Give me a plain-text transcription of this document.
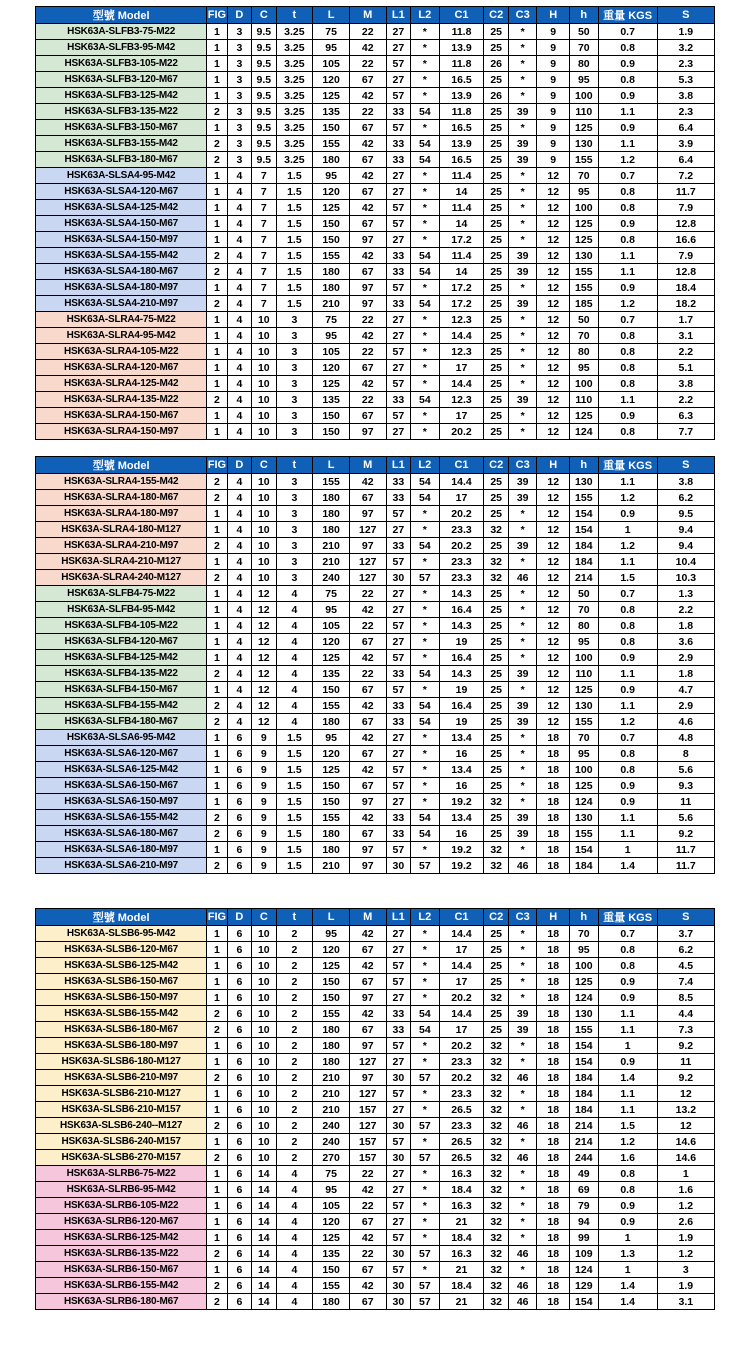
型號 Model	FIG	D	C	t	L	M	L1	L2	C1	C2	C3	H	h	重量 KGS	S
HSK63A-SLFB3-75-M22	1	3	9.5	3.25	75	22	27	*	11.8	25	*	9	50	0.7	1.9
HSK63A-SLFB3-95-M42	1	3	9.5	3.25	95	42	27	*	13.9	25	*	9	70	0.8	3.2
HSK63A-SLFB3-105-M22	1	3	9.5	3.25	105	22	57	*	11.8	26	*	9	80	0.9	2.3
HSK63A-SLFB3-120-M67	1	3	9.5	3.25	120	67	27	*	16.5	25	*	9	95	0.8	5.3
HSK63A-SLFB3-125-M42	1	3	9.5	3.25	125	42	57	*	13.9	26	*	9	100	0.9	3.8
HSK63A-SLFB3-135-M22	2	3	9.5	3.25	135	22	33	54	11.8	25	39	9	110	1.1	2.3
HSK63A-SLFB3-150-M67	1	3	9.5	3.25	150	67	57	*	16.5	25	*	9	125	0.9	6.4
HSK63A-SLFB3-155-M42	2	3	9.5	3.25	155	42	33	54	13.9	25	39	9	130	1.1	3.9
HSK63A-SLFB3-180-M67	2	3	9.5	3.25	180	67	33	54	16.5	25	39	9	155	1.2	6.4
HSK63A-SLSA4-95-M42	1	4	7	1.5	95	42	27	*	11.4	25	*	12	70	0.7	7.2
HSK63A-SLSA4-120-M67	1	4	7	1.5	120	67	27	*	14	25	*	12	95	0.8	11.7
HSK63A-SLSA4-125-M42	1	4	7	1.5	125	42	57	*	11.4	25	*	12	100	0.8	7.9
HSK63A-SLSA4-150-M67	1	4	7	1.5	150	67	57	*	14	25	*	12	125	0.9	12.8
HSK63A-SLSA4-150-M97	1	4	7	1.5	150	97	27	*	17.2	25	*	12	125	0.8	16.6
HSK63A-SLSA4-155-M42	2	4	7	1.5	155	42	33	54	11.4	25	39	12	130	1.1	7.9
HSK63A-SLSA4-180-M67	2	4	7	1.5	180	67	33	54	14	25	39	12	155	1.1	12.8
HSK63A-SLSA4-180-M97	1	4	7	1.5	180	97	57	*	17.2	25	*	12	155	0.9	18.4
HSK63A-SLSA4-210-M97	2	4	7	1.5	210	97	33	54	17.2	25	39	12	185	1.2	18.2
HSK63A-SLRA4-75-M22	1	4	10	3	75	22	27	*	12.3	25	*	12	50	0.7	1.7
HSK63A-SLRA4-95-M42	1	4	10	3	95	42	27	*	14.4	25	*	12	70	0.8	3.1
HSK63A-SLRA4-105-M22	1	4	10	3	105	22	57	*	12.3	25	*	12	80	0.8	2.2
HSK63A-SLRA4-120-M67	1	4	10	3	120	67	27	*	17	25	*	12	95	0.8	5.1
HSK63A-SLRA4-125-M42	1	4	10	3	125	42	57	*	14.4	25	*	12	100	0.8	3.8
HSK63A-SLRA4-135-M22	2	4	10	3	135	22	33	54	12.3	25	39	12	110	1.1	2.2
HSK63A-SLRA4-150-M67	1	4	10	3	150	67	57	*	17	25	*	12	125	0.9	6.3
HSK63A-SLRA4-150-M97	1	4	10	3	150	97	27	*	20.2	25	*	12	124	0.8	7.7
型號 Model	FIG	D	C	t	L	M	L1	L2	C1	C2	C3	H	h	重量 KGS	S
HSK63A-SLRA4-155-M42	2	4	10	3	155	42	33	54	14.4	25	39	12	130	1.1	3.8
HSK63A-SLRA4-180-M67	2	4	10	3	180	67	33	54	17	25	39	12	155	1.2	6.2
HSK63A-SLRA4-180-M97	1	4	10	3	180	97	57	*	20.2	25	*	12	154	0.9	9.5
HSK63A-SLRA4-180-M127	1	4	10	3	180	127	27	*	23.3	32	*	12	154	1	9.4
HSK63A-SLRA4-210-M97	2	4	10	3	210	97	33	54	20.2	25	39	12	184	1.2	9.4
HSK63A-SLRA4-210-M127	1	4	10	3	210	127	57	*	23.3	32	*	12	184	1.1	10.4
HSK63A-SLRA4-240-M127	2	4	10	3	240	127	30	57	23.3	32	46	12	214	1.5	10.3
HSK63A-SLFB4-75-M22	1	4	12	4	75	22	27	*	14.3	25	*	12	50	0.7	1.3
HSK63A-SLFB4-95-M42	1	4	12	4	95	42	27	*	16.4	25	*	12	70	0.8	2.2
HSK63A-SLFB4-105-M22	1	4	12	4	105	22	57	*	14.3	25	*	12	80	0.8	1.8
HSK63A-SLFB4-120-M67	1	4	12	4	120	67	27	*	19	25	*	12	95	0.8	3.6
HSK63A-SLFB4-125-M42	1	4	12	4	125	42	57	*	16.4	25	*	12	100	0.9	2.9
HSK63A-SLFB4-135-M22	2	4	12	4	135	22	33	54	14.3	25	39	12	110	1.1	1.8
HSK63A-SLFB4-150-M67	1	4	12	4	150	67	57	*	19	25	*	12	125	0.9	4.7
HSK63A-SLFB4-155-M42	2	4	12	4	155	42	33	54	16.4	25	39	12	130	1.1	2.9
HSK63A-SLFB4-180-M67	2	4	12	4	180	67	33	54	19	25	39	12	155	1.2	4.6
HSK63A-SLSA6-95-M42	1	6	9	1.5	95	42	27	*	13.4	25	*	18	70	0.7	4.8
HSK63A-SLSA6-120-M67	1	6	9	1.5	120	67	27	*	16	25	*	18	95	0.8	8
HSK63A-SLSA6-125-M42	1	6	9	1.5	125	42	57	*	13.4	25	*	18	100	0.8	5.6
HSK63A-SLSA6-150-M67	1	6	9	1.5	150	67	57	*	16	25	*	18	125	0.9	9.3
HSK63A-SLSA6-150-M97	1	6	9	1.5	150	97	27	*	19.2	32	*	18	124	0.9	11
HSK63A-SLSA6-155-M42	2	6	9	1.5	155	42	33	54	13.4	25	39	18	130	1.1	5.6
HSK63A-SLSA6-180-M67	2	6	9	1.5	180	67	33	54	16	25	39	18	155	1.1	9.2
HSK63A-SLSA6-180-M97	1	6	9	1.5	180	97	57	*	19.2	32	*	18	154	1	11.7
HSK63A-SLSA6-210-M97	2	6	9	1.5	210	97	30	57	19.2	32	46	18	184	1.4	11.7
型號 Model	FIG	D	C	t	L	M	L1	L2	C1	C2	C3	H	h	重量 KGS	S
HSK63A-SLSB6-95-M42	1	6	10	2	95	42	27	*	14.4	25	*	18	70	0.7	3.7
HSK63A-SLSB6-120-M67	1	6	10	2	120	67	27	*	17	25	*	18	95	0.8	6.2
HSK63A-SLSB6-125-M42	1	6	10	2	125	42	57	*	14.4	25	*	18	100	0.8	4.5
HSK63A-SLSB6-150-M67	1	6	10	2	150	67	57	*	17	25	*	18	125	0.9	7.4
HSK63A-SLSB6-150-M97	1	6	10	2	150	97	27	*	20.2	32	*	18	124	0.9	8.5
HSK63A-SLSB6-155-M42	2	6	10	2	155	42	33	54	14.4	25	39	18	130	1.1	4.4
HSK63A-SLSB6-180-M67	2	6	10	2	180	67	33	54	17	25	39	18	155	1.1	7.3
HSK63A-SLSB6-180-M97	1	6	10	2	180	97	57	*	20.2	32	*	18	154	1	9.2
HSK63A-SLSB6-180-M127	1	6	10	2	180	127	27	*	23.3	32	*	18	154	0.9	11
HSK63A-SLSB6-210-M97	2	6	10	2	210	97	30	57	20.2	32	46	18	184	1.4	9.2
HSK63A-SLSB6-210-M127	1	6	10	2	210	127	57	*	23.3	32	*	18	184	1.1	12
HSK63A-SLSB6-210-M157	1	6	10	2	210	157	27	*	26.5	32	*	18	184	1.1	13.2
HSK63A-SLSB6-240--M127	2	6	10	2	240	127	30	57	23.3	32	46	18	214	1.5	12
HSK63A-SLSB6-240-M157	1	6	10	2	240	157	57	*	26.5	32	*	18	214	1.2	14.6
HSK63A-SLSB6-270-M157	2	6	10	2	270	157	30	57	26.5	32	46	18	244	1.6	14.6
HSK63A-SLRB6-75-M22	1	6	14	4	75	22	27	*	16.3	32	*	18	49	0.8	1
HSK63A-SLRB6-95-M42	1	6	14	4	95	42	27	*	18.4	32	*	18	69	0.8	1.6
HSK63A-SLRB6-105-M22	1	6	14	4	105	22	57	*	16.3	32	*	18	79	0.9	1.2
HSK63A-SLRB6-120-M67	1	6	14	4	120	67	27	*	21	32	*	18	94	0.9	2.6
HSK63A-SLRB6-125-M42	1	6	14	4	125	42	57	*	18.4	32	*	18	99	1	1.9
HSK63A-SLRB6-135-M22	2	6	14	4	135	22	30	57	16.3	32	46	18	109	1.3	1.2
HSK63A-SLRB6-150-M67	1	6	14	4	150	67	57	*	21	32	*	18	124	1	3
HSK63A-SLRB6-155-M42	2	6	14	4	155	42	30	57	18.4	32	46	18	129	1.4	1.9
HSK63A-SLRB6-180-M67	2	6	14	4	180	67	30	57	21	32	46	18	154	1.4	3.1
